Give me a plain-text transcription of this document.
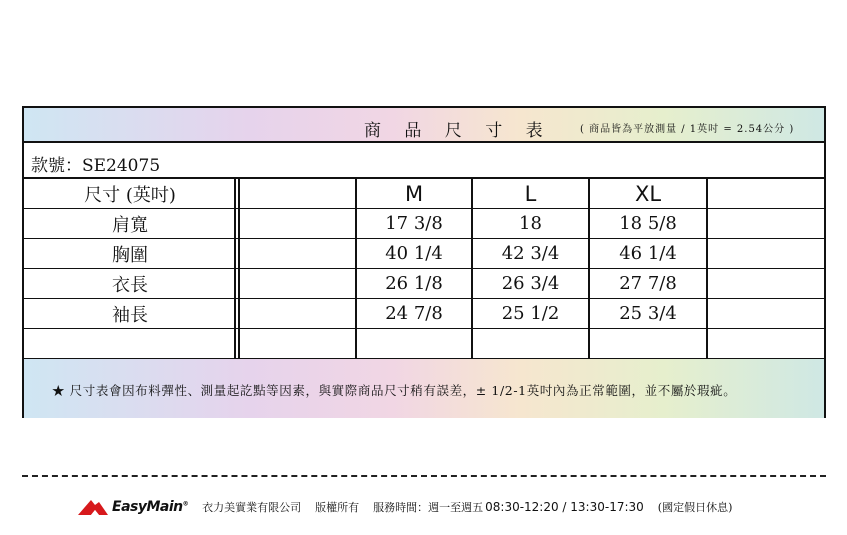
商 品 尺 寸 表	( 商品皆為平放測量 / 1英吋 = 2.54公分 )
款號：SE24075
尺寸 (英吋)	M	L	XL
肩寬	17 3/8	18	18 5/8
胸圍	40 1/4	42 3/4	46 1/4
衣長	26 1/8	26 3/4	27 7/8
袖長	24 7/8	25 1/2	25 3/4
★ 尺寸表會因布料彈性、測量起訖點等因素，與實際商品尺寸稍有誤差，± 1/2-1英吋內為正常範圍，並不屬於瑕疵。
EasyMain® 衣力美實業有限公司 版權所有 服務時間：週一至週五 08:30-12:20 / 13:30-17:30 (國定假日休息)
